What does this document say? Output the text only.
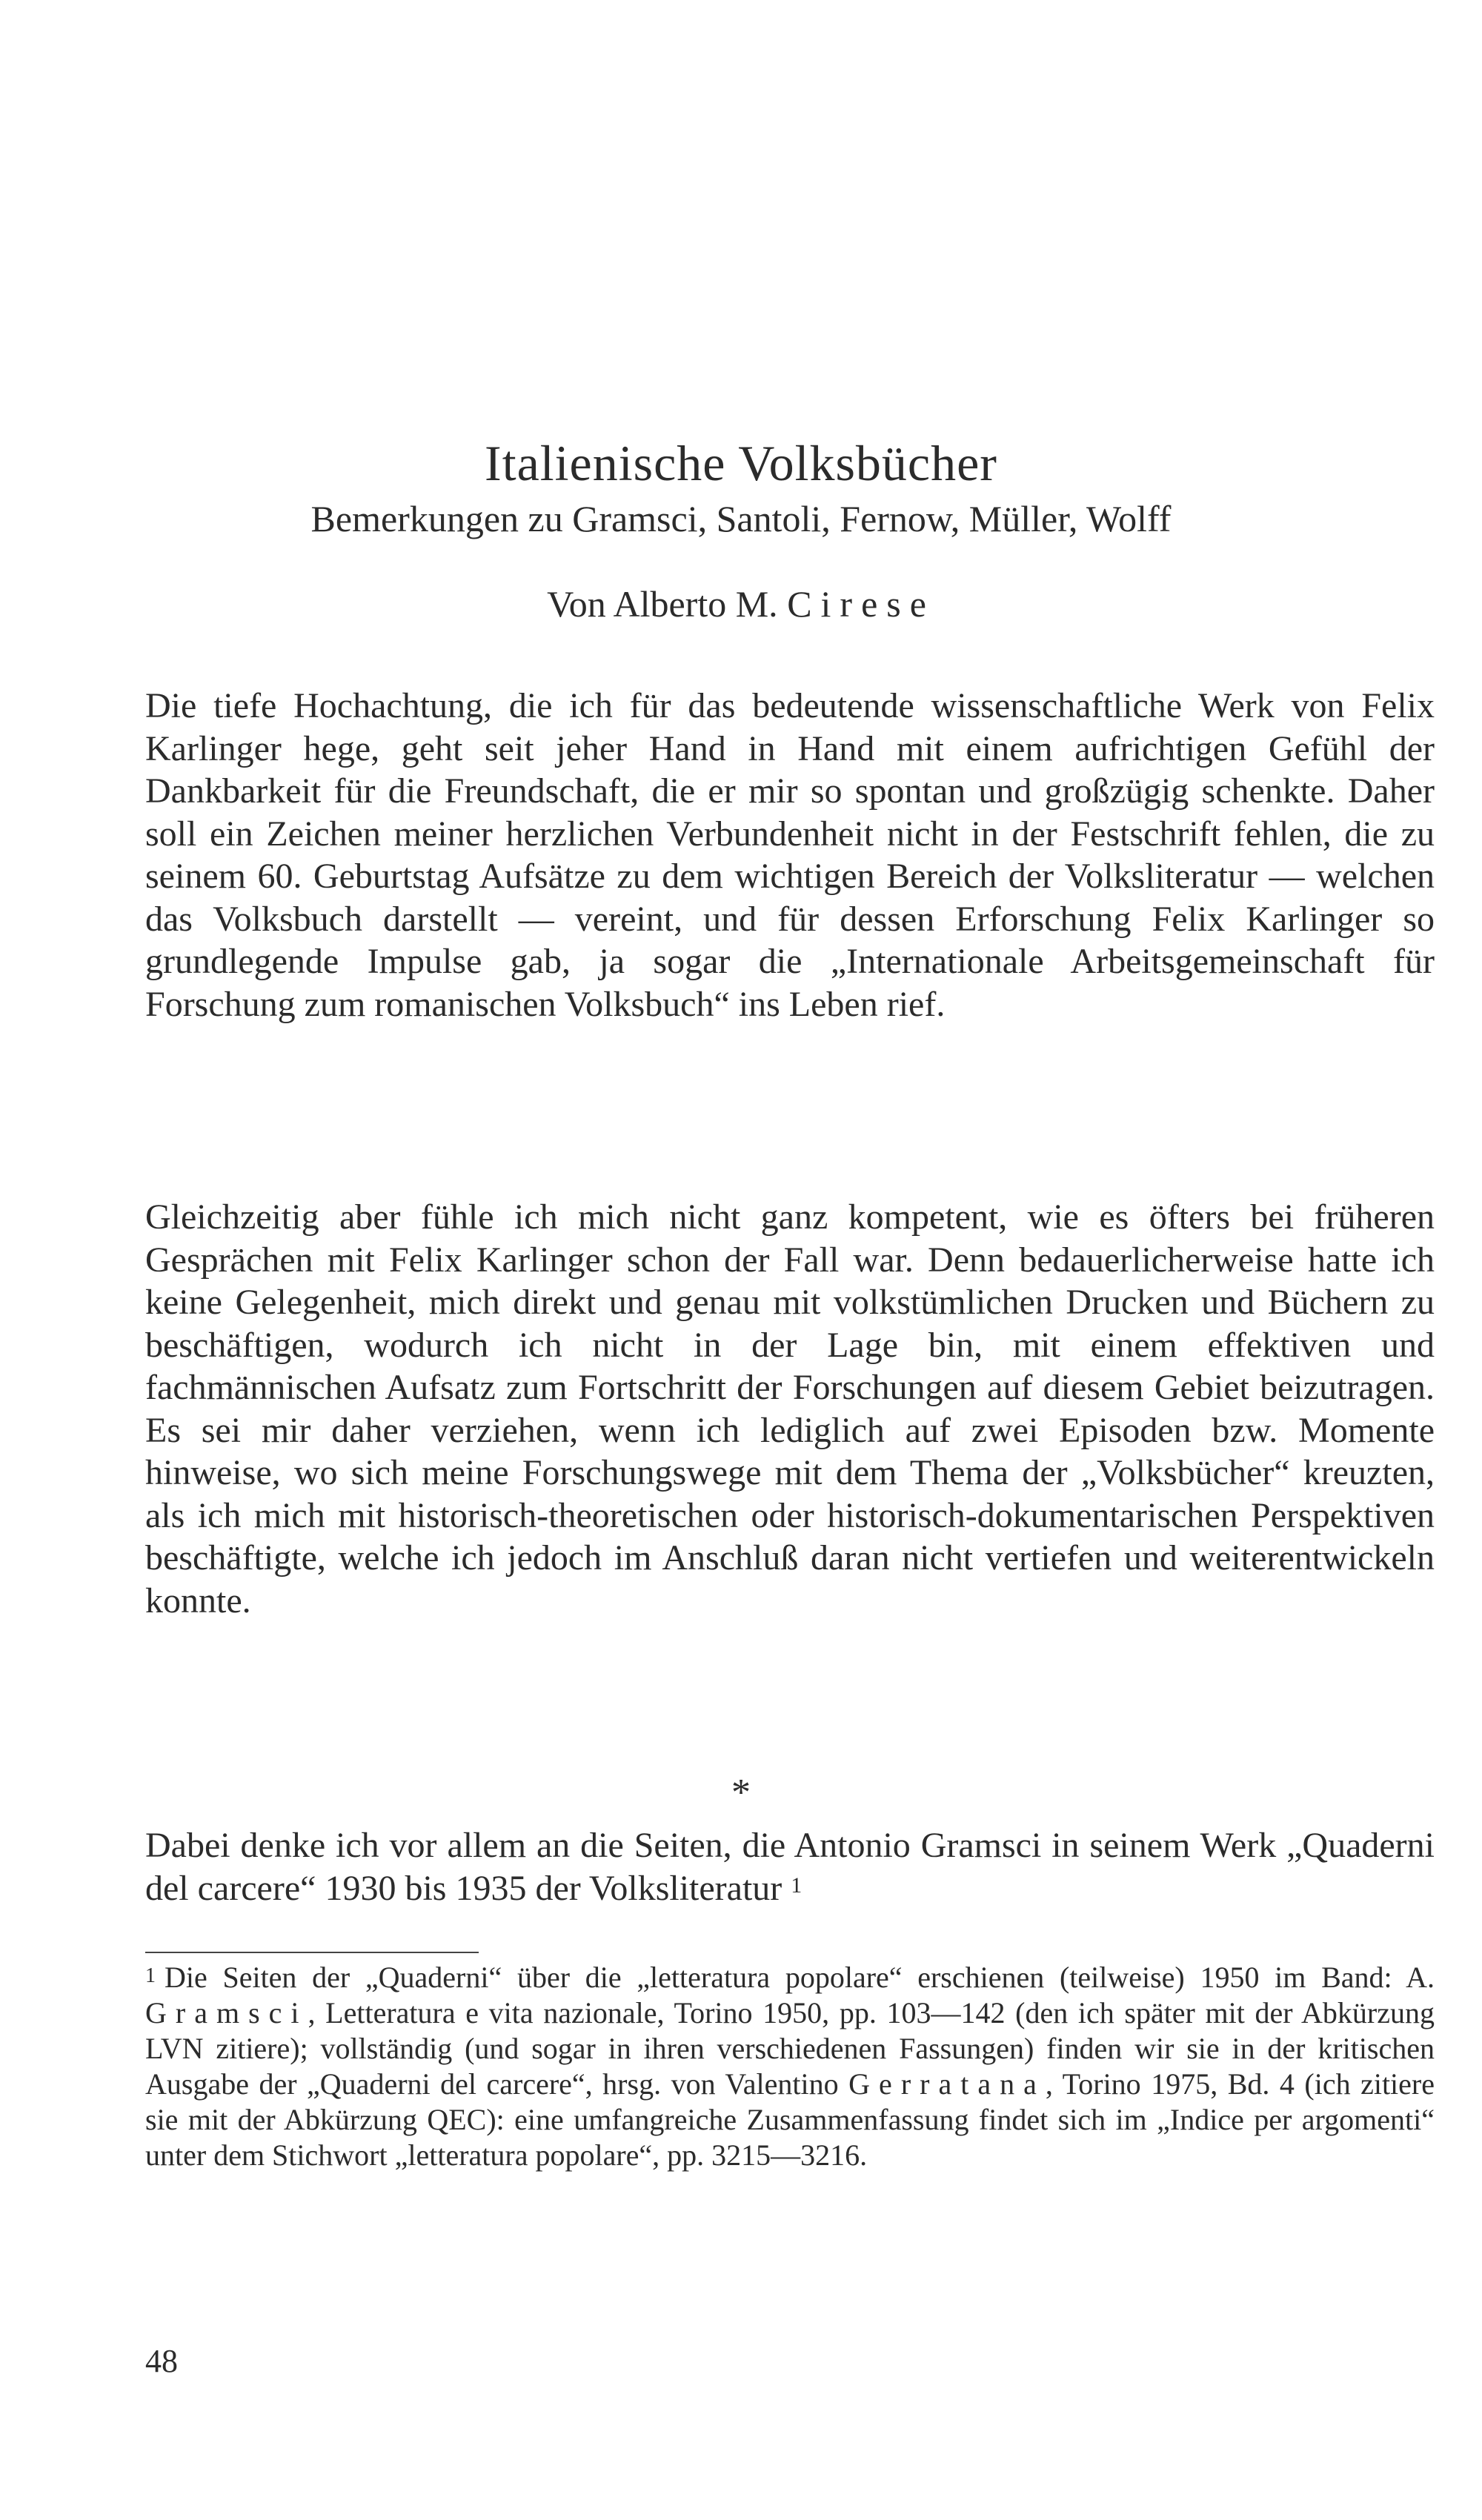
Italienische Volksbücher
Bemerkungen zu Gramsci, Santoli, Fernow, Müller, Wolff
Von Alberto M. Cirese
Die tiefe Hochachtung, die ich für das bedeutende wissenschaftliche Werk von Felix Karlinger hege, geht seit jeher Hand in Hand mit einem aufrichtigen Gefühl der Dankbarkeit für die Freundschaft, die er mir so spontan und großzügig schenkte. Daher soll ein Zeichen meiner herzlichen Verbundenheit nicht in der Festschrift fehlen, die zu seinem 60. Geburtstag Aufsätze zu dem wichtigen Bereich der Volksliteratur — welchen das Volksbuch darstellt — vereint, und für dessen Erforschung Felix Karlinger so grundlegende Impulse gab, ja sogar die „Internationale Arbeitsgemeinschaft für Forschung zum romanischen Volksbuch“ ins Leben rief.
Gleichzeitig aber fühle ich mich nicht ganz kompetent, wie es öfters bei früheren Gesprächen mit Felix Karlinger schon der Fall war. Denn bedauerlicherweise hatte ich keine Gelegenheit, mich direkt und genau mit volkstümlichen Drucken und Büchern zu beschäftigen, wodurch ich nicht in der Lage bin, mit einem effektiven und fachmännischen Aufsatz zum Fortschritt der Forschungen auf diesem Gebiet beizutragen. Es sei mir daher verziehen, wenn ich lediglich auf zwei Episoden bzw. Momente hinweise, wo sich meine Forschungswege mit dem Thema der „Volksbücher“ kreuzten, als ich mich mit historisch-theoretischen oder historisch-dokumentarischen Perspektiven beschäftigte, welche ich jedoch im Anschluß daran nicht vertiefen und weiterentwickeln konnte.
*
Dabei denke ich vor allem an die Seiten, die Antonio Gramsci in seinem Werk „Quaderni del carcere“ 1930 bis 1935 der Volksliteratur $^1$
$^1$ Die Seiten der „Quaderni“ über die „letteratura popolare“ erschienen (teilweise) 1950 im Band: A. Gramsci, Letteratura e vita nazionale, Torino 1950, pp. 103—142 (den ich später mit der Abkürzung LVN zitiere); vollständig (und sogar in ihren verschiedenen Fassungen) finden wir sie in der kritischen Ausgabe der „Quaderni del carcere“, hrsg. von Valentino Gerratana, Torino 1975, Bd. 4 (ich zitiere sie mit der Abkürzung QEC): eine umfangreiche Zusammenfassung findet sich im „Indice per argomenti“ unter dem Stichwort „letteratura popolare“, pp. 3215—3216.
48
